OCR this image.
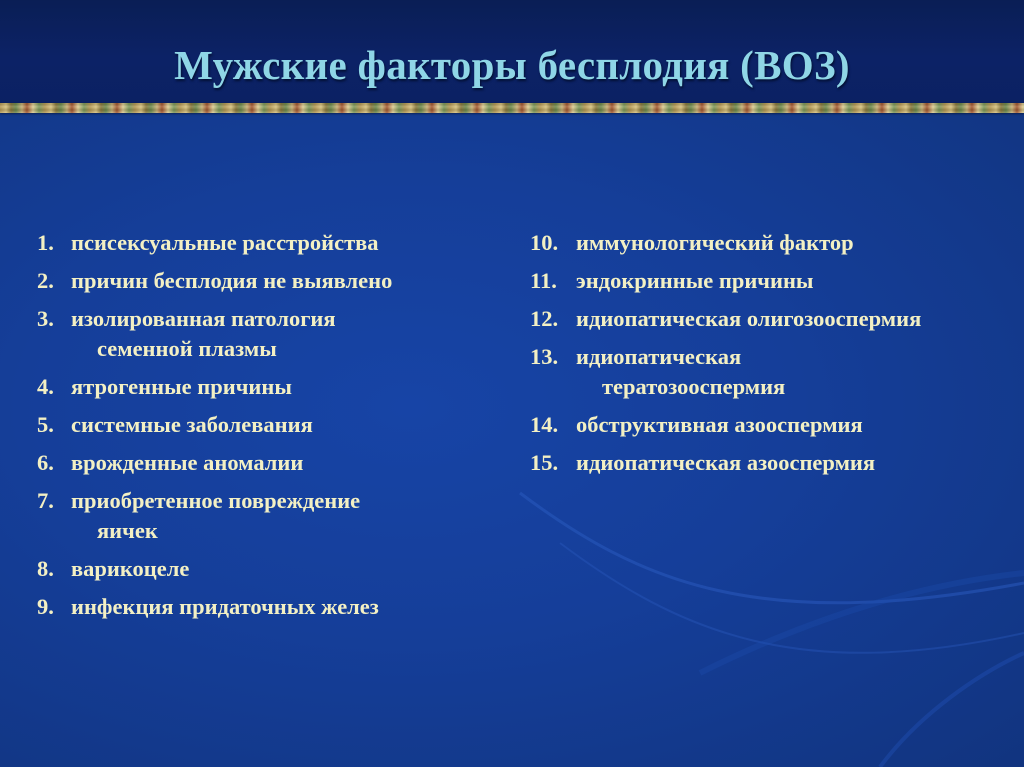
Мужские факторы бесплодия (ВОЗ)
1. псисексуальные расстройства
2. причин бесплодия не выявлено
3. изолированная патология
семенной плазмы
4. ятрогенные причины
5. системные заболевания
6. врожденные аномалии
7. приобретенное повреждение
яичек
8. варикоцеле
9. инфекция придаточных желез
10. иммунологический фактор
11. эндокринные причины
12. идиопатическая олигозооспермия
13. идиопатическая
тератозооспермия
14. обструктивная азооспермия
15. идиопатическая азооспермия
